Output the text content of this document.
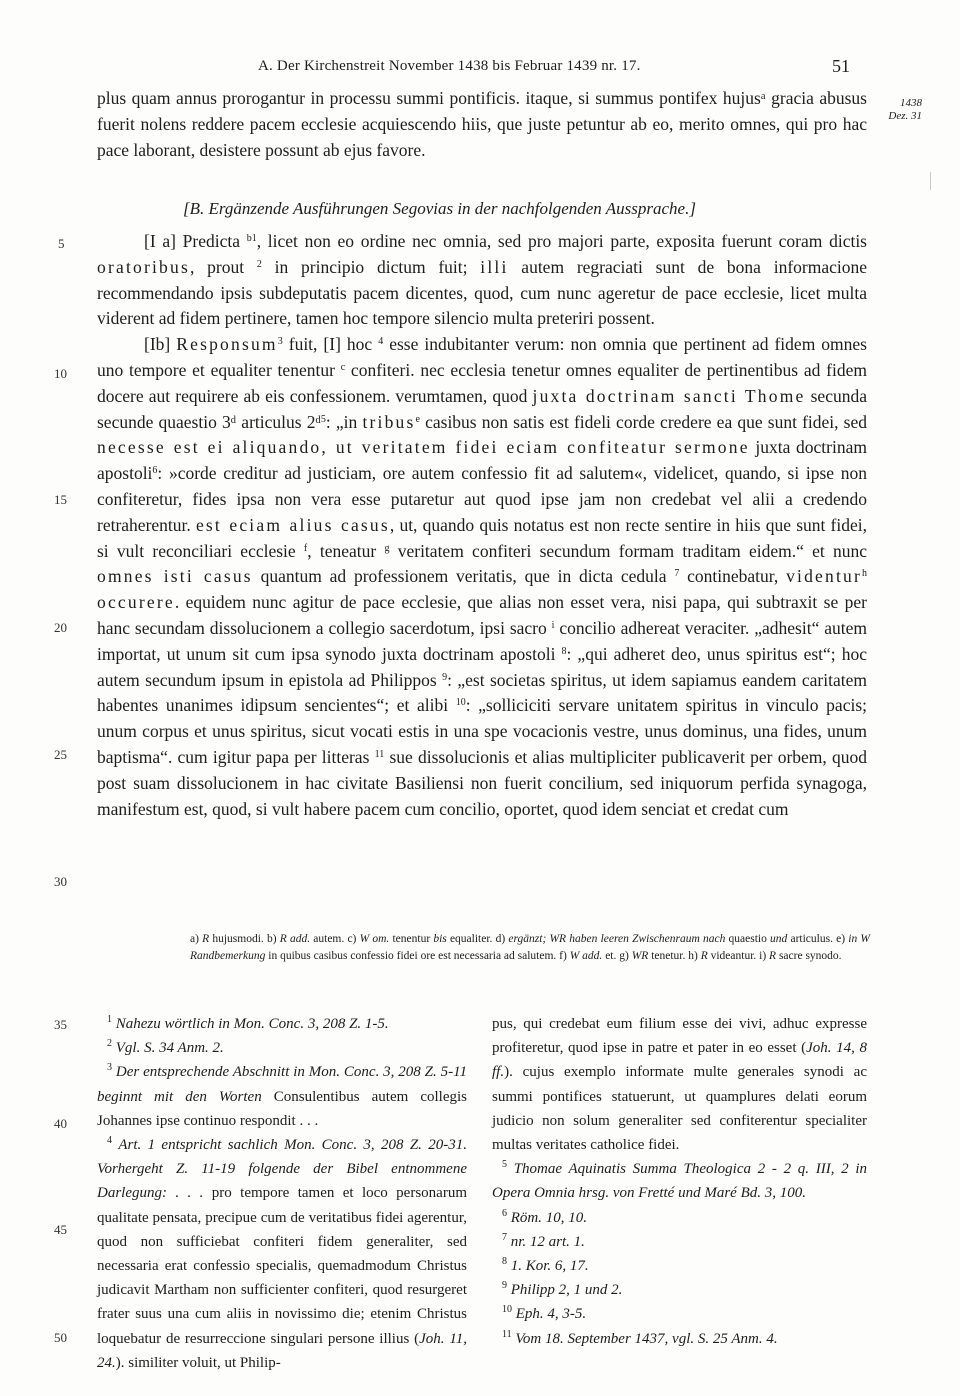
A. Der Kirchenstreit November 1438 bis Februar 1439 nr. 17.	51
1438
Dez. 31

plus quam annus prorogantur in processu summi pontificis. itaque, si summus pontifex hujusᵃ gracia abusus fuerit nolens reddere pacem ecclesie acquiescendo hiis, que juste petuntur ab eo, merito omnes, qui pro hac pace laborant, desistere possunt ab ejus favore.

[B. Ergänzende Ausführungen Segovias in der nachfolgenden Aussprache.]

[I a] Predicta $^{b1}$, licet non eo ordine nec omnia, sed pro majori parte, exposita fuerunt coram dictis oratoribus, prout $^2$ in principio dictum fuit; illi autem regraciati sunt de bona informacione recommendando ipsis subdeputatis pacem dicentes, quod, cum nunc ageretur de pace ecclesie, licet multa viderent ad fidem pertinere, tamen hoc tempore silencio multa preteriri possent.

[Ib] Responsum$^3$ fuit, [I] hoc $^4$ esse indubitanter verum: non omnia que pertinent ad fidem omnes uno tempore et equaliter tenentur $^c$ confiteri. nec ecclesia tenetur omnes equaliter de pertinentibus ad fidem docere aut requirere ab eis confessionem. verumtamen, quod juxta doctrinam sancti Thome secunda secunde quaestio 3ᵈ articulus 2ᵈ$^5$: „in tribus$^e$ casibus non satis est fideli corde credere ea que sunt fidei, sed necesse est ei aliquando, ut veritatem fidei eciam confiteatur sermone juxta doctrinam apostoli$^6$: »corde creditur ad justiciam, ore autem confessio fit ad salutem«, videlicet, quando, si ipse non confiteretur, fides ipsa non vera esse putaretur aut quod ipse jam non credebat vel alii a credendo retraherentur. est eciam alius casus, ut, quando quis notatus est non recte sentire in hiis que sunt fidei, si vult reconciliari ecclesie $^f$, teneatur $^g$ veritatem confiteri secundum formam traditam eidem.“ et nunc omnes isti casus quantum ad professionem veritatis, que in dicta cedula $^7$ continebatur, videntur$^h$ occurere. equidem nunc agitur de pace ecclesie, que alias non esset vera, nisi papa, qui subtraxit se per hanc secundam dissolucionem a collegio sacerdotum, ipsi sacro $^i$ concilio adhereat veraciter. „adhesit“ autem importat, ut unum sit cum ipsa synodo juxta doctrinam apostoli $^8$: „qui adheret deo, unus spiritus est“; hoc autem secundum ipsum in epistola ad Philippos $^9$: „est societas spiritus, ut idem sapiamus eandem caritatem habentes unanimes idipsum sencientes“; et alibi $^{10}$: „solliciciti servare unitatem spiritus in vinculo pacis; unum corpus et unus spiritus, sicut vocati estis in una spe vocacionis vestre, unus dominus, una fides, unum baptisma“. cum igitur papa per litteras $^{11}$ sue dissolucionis et alias multipliciter publicaverit per orbem, quod post suam dissolucionem in hac civitate Basiliensi non fuerit concilium, sed iniquorum perfida synagoga, manifestum est, quod, si vult habere pacem cum concilio, oportet, quod idem senciat et credat cum

5
10
15
20
25
30
35
40
45
50
a) R hujusmodi. b) R add. autem. c) W om. tenentur bis equaliter. d) ergänzt; WR haben leeren Zwischenraum nach quaestio und articulus. e) in W Randbemerkung in quibus casibus confessio fidei ore est necessaria ad salutem. f) W add. et. g) WR tenetur. h) R videantur. i) R sacre synodo.

$^1$ Nahezu wörtlich in Mon. Conc. 3, 208 Z. 1-5.

$^2$ Vgl. S. 34 Anm. 2.

$^3$ Der entsprechende Abschnitt in Mon. Conc. 3, 208 Z. 5-11 beginnt mit den Worten Consulentibus autem collegis Johannes ipse continuo respondit . . .

$^4$ Art. 1 entspricht sachlich Mon. Conc. 3, 208 Z. 20-31. Vorhergeht Z. 11-19 folgende der Bibel entnommene Darlegung: . . . pro tempore tamen et loco personarum qualitate pensata, precipue cum de veritatibus fidei agerentur, quod non sufficiebat confiteri fidem generaliter, sed necessaria erat confessio specialis, quemadmodum Christus judicavit Martham non sufficienter confiteri, quod resurgeret frater suus una cum aliis in novissimo die; etenim Christus loquebatur de resurreccione singulari persone illius (Joh. 11, 24.). similiter voluit, ut Philip-

pus, qui credebat eum filium esse dei vivi, adhuc expresse profiteretur, quod ipse in patre et pater in eo esset (Joh. 14, 8 ff.). cujus exemplo informate multe generales synodi ac summi pontifices statuerunt, ut quamplures delati eorum judicio non solum generaliter sed confiterentur specialiter multas veritates catholice fidei.

$^5$ Thomae Aquinatis Summa Theologica 2 - 2 q. III, 2 in Opera Omnia hrsg. von Fretté und Maré Bd. 3, 100.

$^6$ Röm. 10, 10.

$^7$ nr. 12 art. 1.

$^8$ 1. Kor. 6, 17.

$^9$ Philipp 2, 1 und 2.

$^{10}$ Eph. 4, 3-5.

$^{11}$ Vom 18. September 1437, vgl. S. 25 Anm. 4.
